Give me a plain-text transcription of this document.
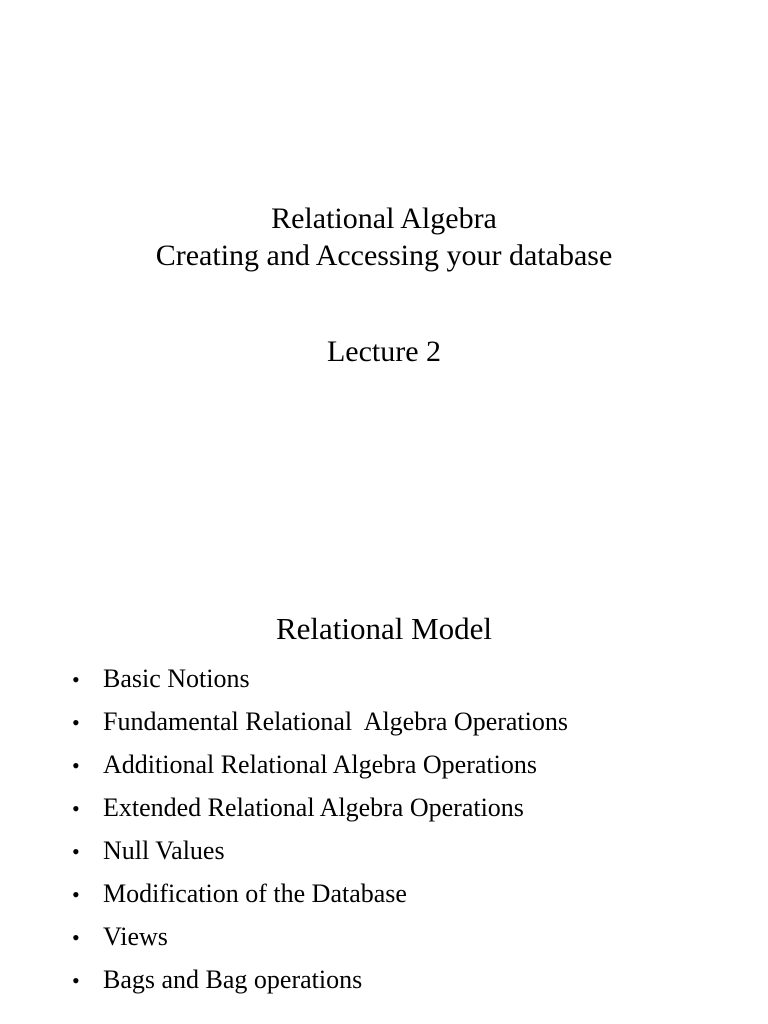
Relational Algebra
Creating and Accessing your database
Lecture 2
Relational Model
• Basic Notions
• Fundamental Relational  Algebra Operations
• Additional Relational Algebra Operations
• Extended Relational Algebra Operations
• Null Values
• Modification of the Database
• Views
• Bags and Bag operations
